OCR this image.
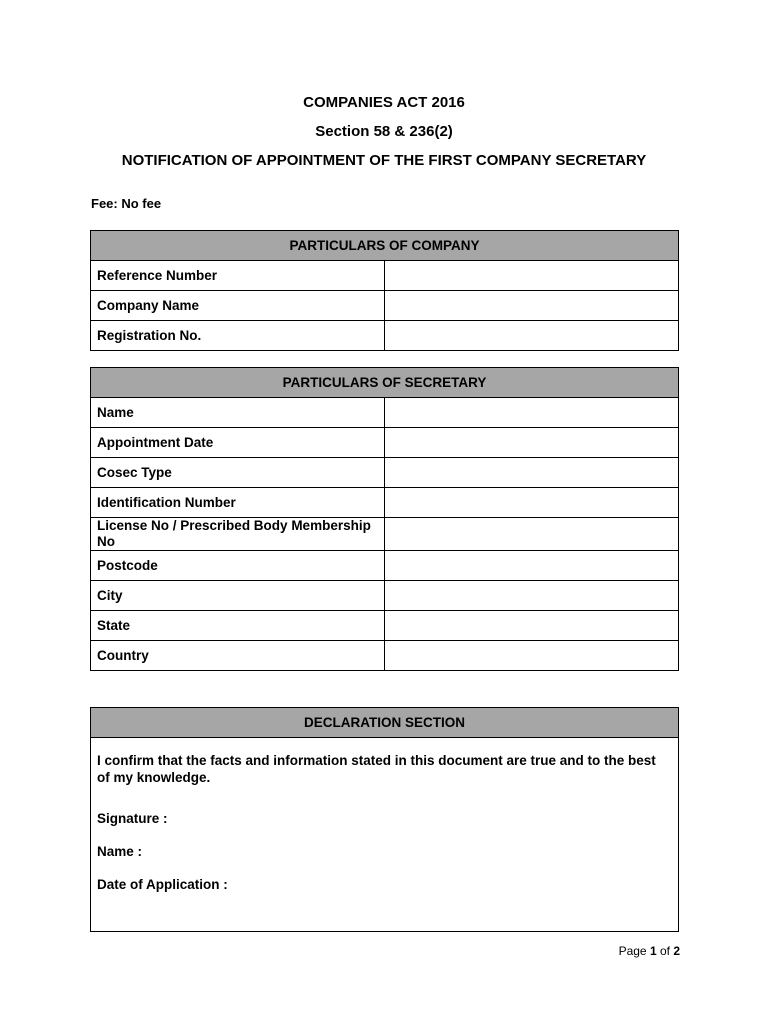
COMPANIES ACT 2016
Section 58 & 236(2)
NOTIFICATION OF APPOINTMENT OF THE FIRST COMPANY SECRETARY
Fee: No fee
PARTICULARS OF COMPANY	
Reference Number	
Company Name	
Registration No.	
PARTICULARS OF SECRETARY	
Name	
Appointment Date	
Cosec Type	
Identification Number	
License No / Prescribed Body Membership No	
Postcode	
City	
State	
Country	
DECLARATION SECTION

I confirm that the facts and information stated in this document are true and to the best of my knowledge.

Signature :

Name :

Date of Application :

Page 1 of 2
